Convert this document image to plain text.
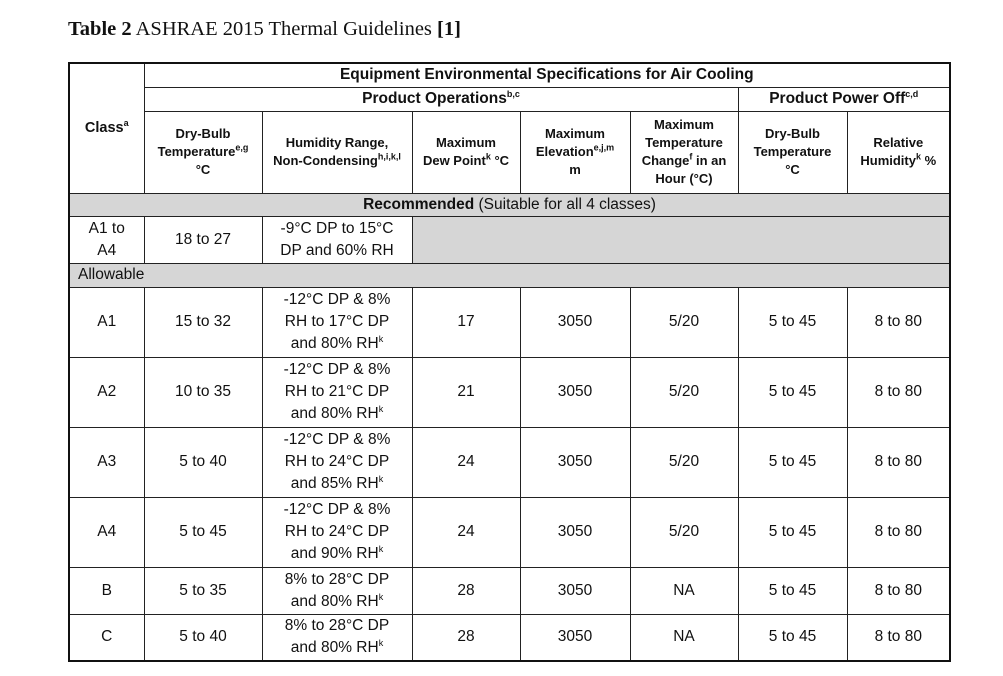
Table 2 ASHRAE 2015 Thermal Guidelines [1]
Class$^a$	Equipment Environmental Specifications for Air Cooling						
	Product Operations$^{b,c}$					Product Power Off$^{c,d}$
	Dry-Bulb
Temperature$^{e,g}$
°C	Humidity Range,
Non-Condensing$^{h,i,k,l}$	Maximum
Dew Point$^k$ °C	Maximum
Elevation$^{e,j,m}$
m	Maximum
Temperature
Change$^f$ in an
Hour (°C)	Dry-Bulb
Temperature
°C	Relative
Humidity$^k$ %
Recommended (Suitable for all 4 classes)							
A1 to
A4	18 to 27	-9°C DP to 15°C
DP and 60% RH					
Allowable							
A1	15 to 32	-12°C DP & 8%
RH to 17°C DP
and 80% $RH^k$	17	3050	5/20	5 to 45	8 to 80
A2	10 to 35	-12°C DP & 8%
RH to 21°C DP
and 80% $RH^k$	21	3050	5/20	5 to 45	8 to 80
A3	5 to 40	-12°C DP & 8%
RH to 24°C DP
and 85% $RH^k$	24	3050	5/20	5 to 45	8 to 80
A4	5 to 45	-12°C DP & 8%
RH to 24°C DP
and 90% $RH^k$	24	3050	5/20	5 to 45	8 to 80
B	5 to 35	8% to 28°C DP
and 80% $RH^k$	28	3050	NA	5 to 45	8 to 80
C	5 to 40	8% to 28°C DP
and 80% $RH^k$	28	3050	NA	5 to 45	8 to 80
